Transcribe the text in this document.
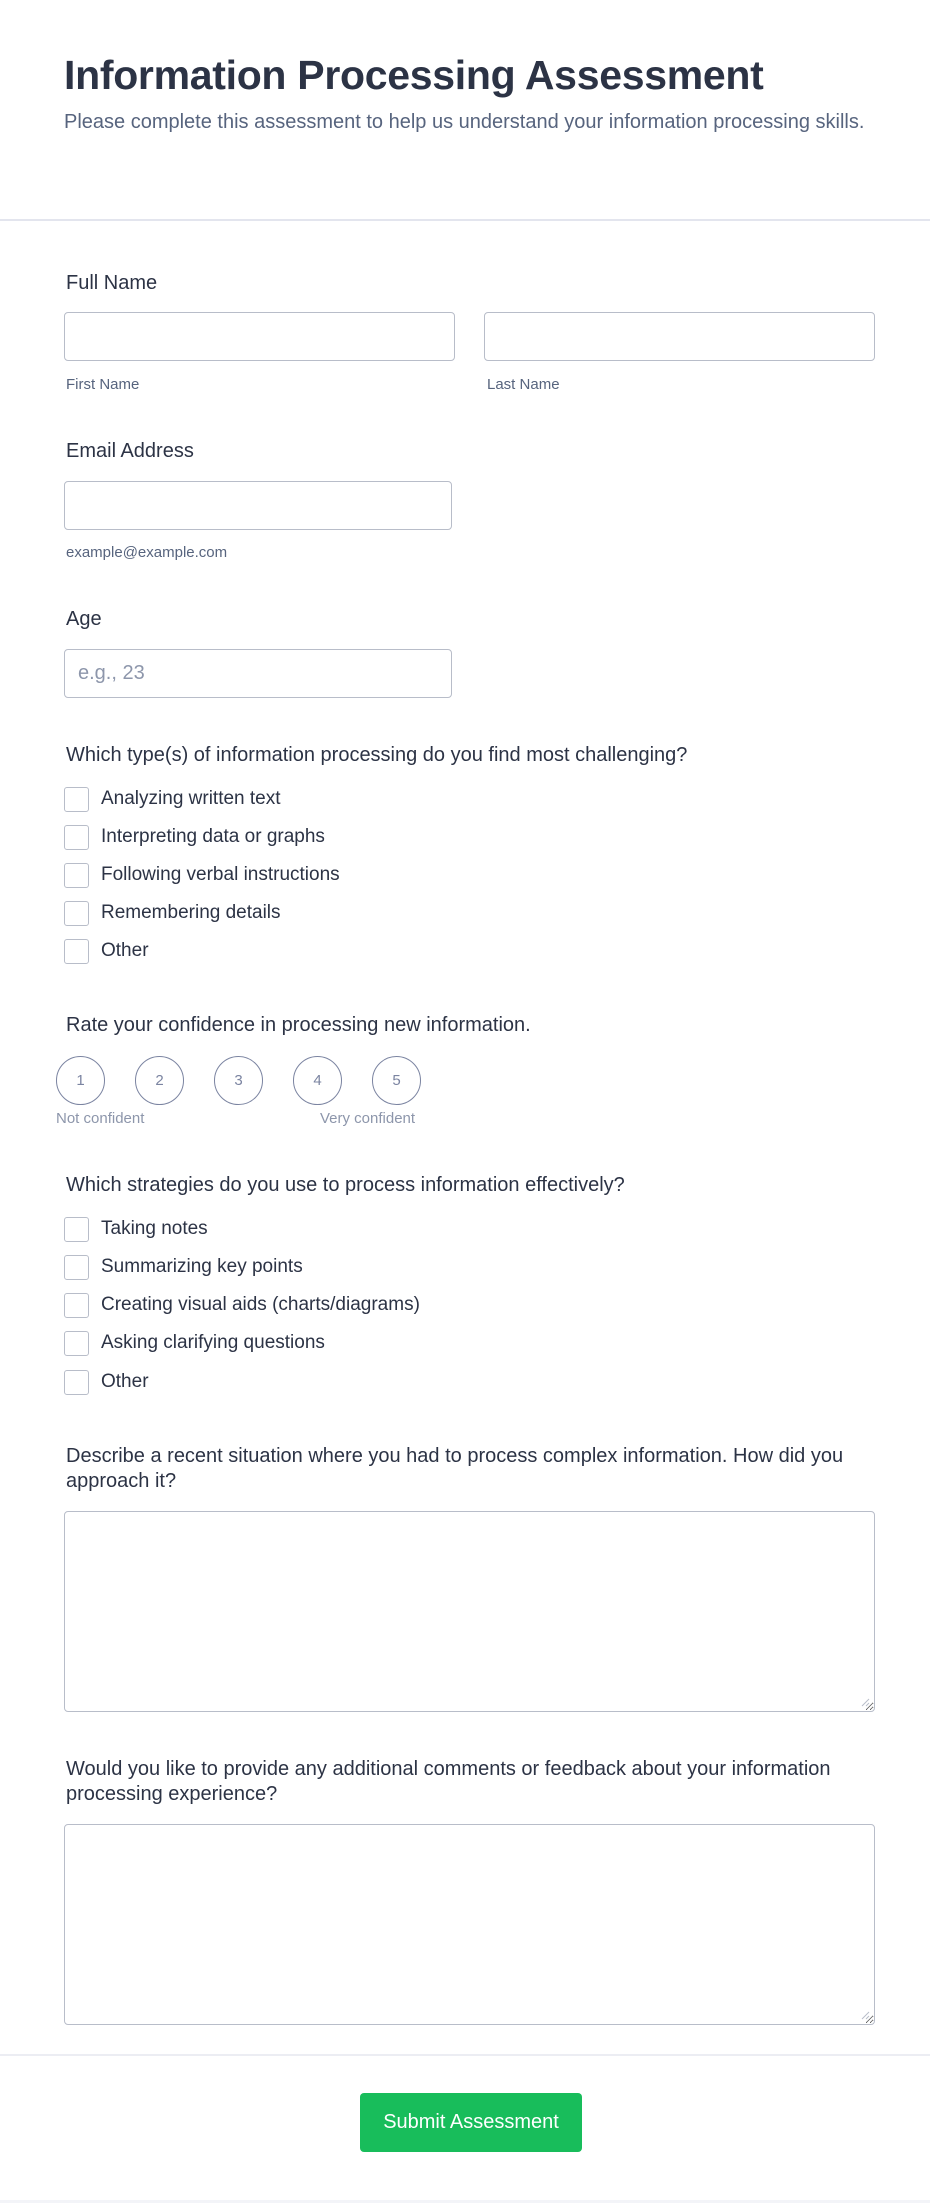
Information Processing Assessment

Please complete this assessment to help us understand your information processing skills.

Full Name
First Name	Last Name
Email Address
example@example.com
Age
e.g., 23
Which type(s) of information processing do you find most challenging?
Analyzing written text
Interpreting data or graphs
Following verbal instructions
Remembering details
Other
Rate your confidence in processing new information.
1	2	3	4	5
Not confident	Very confident
Which strategies do you use to process information effectively?
Taking notes
Summarizing key points
Creating visual aids (charts/diagrams)
Asking clarifying questions
Other
Describe a recent situation where you had to process complex information. How did you approach it?
Would you like to provide any additional comments or feedback about your information processing experience?
Submit Assessment
